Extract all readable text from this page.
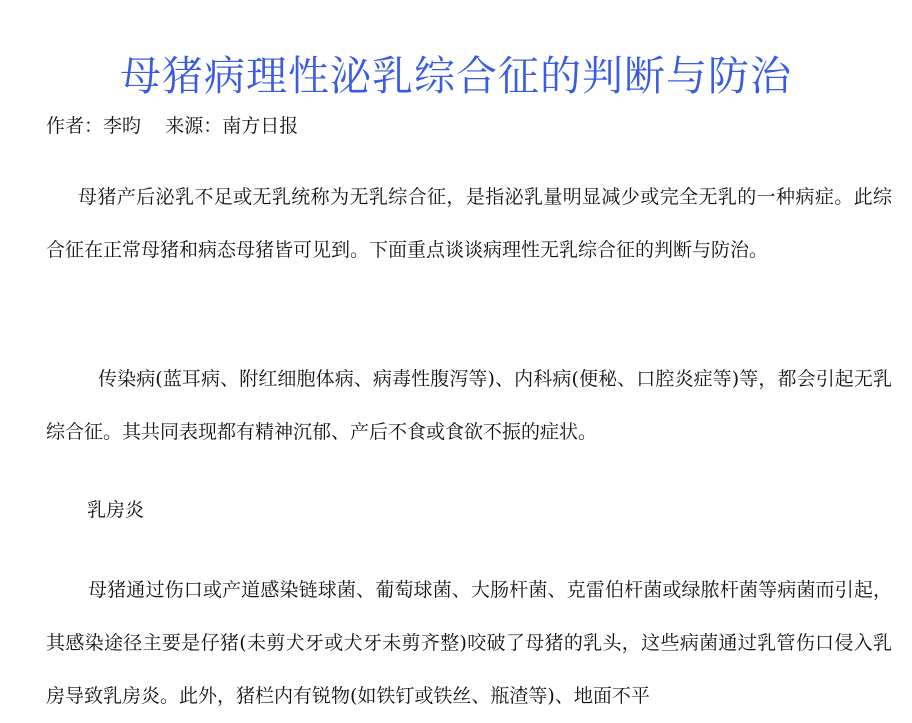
母猪病理性泌乳综合征的判断与防治
作者：李昀 来源：南方日报

母猪产后泌乳不足或无乳统称为无乳综合征，是指泌乳量明显减少或完全无乳的一种病症。此综合征在正常母猪和病态母猪皆可见到。下面重点谈谈病理性无乳综合征的判断与防治。

传染病(蓝耳病、附红细胞体病、病毒性腹泻等)、内科病(便秘、口腔炎症等)等，都会引起无乳综合征。其共同表现都有精神沉郁、产后不食或食欲不振的症状。

乳房炎

母猪通过伤口或产道感染链球菌、葡萄球菌、大肠杆菌、克雷伯杆菌或绿脓杆菌等病菌而引起，其感染途径主要是仔猪(未剪犬牙或犬牙未剪齐整)咬破了母猪的乳头，这些病菌通过乳管伤口侵入乳房导致乳房炎。此外，猪栏内有锐物(如铁钉或铁丝、瓶渣等)、地面不平
